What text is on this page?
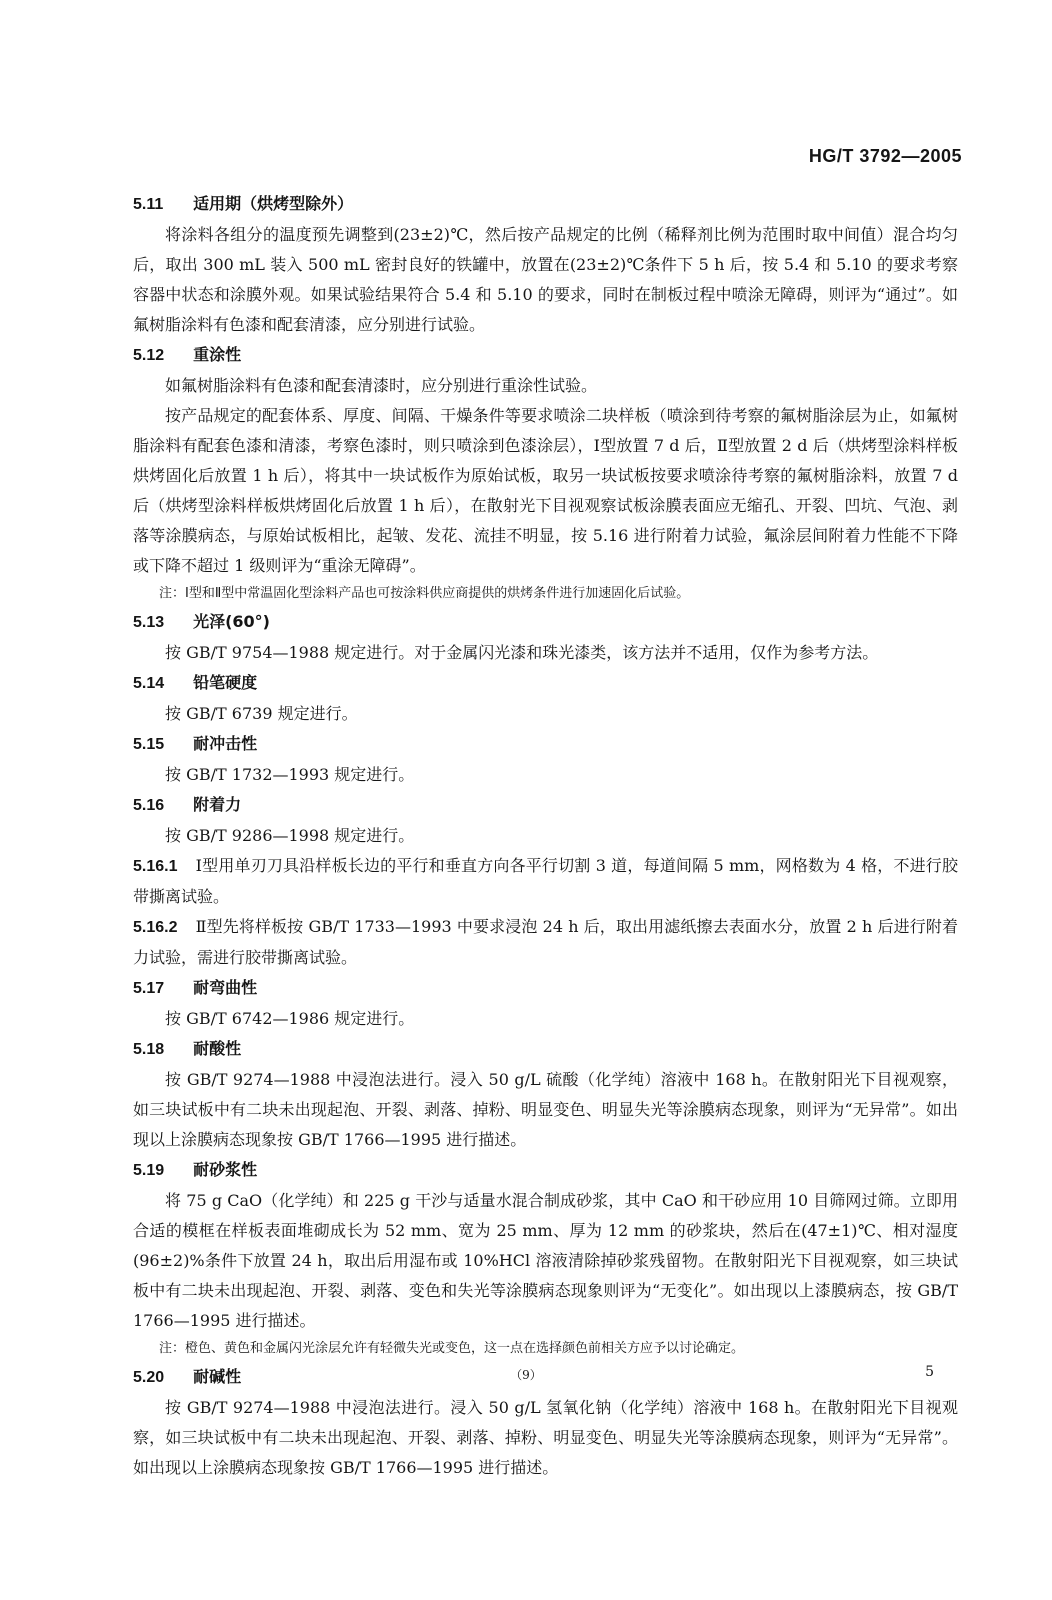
HG/T 3792—2005
5.11 适用期（烘烤型除外）

将涂料各组分的温度预先调整到(23±2)℃，然后按产品规定的比例（稀释剂比例为范围时取中间值）混合均匀后，取出 300 mL 装入 500 mL 密封良好的铁罐中，放置在(23±2)℃条件下 5 h 后，按 5.4 和 5.10 的要求考察容器中状态和涂膜外观。如果试验结果符合 5.4 和 5.10 的要求，同时在制板过程中喷涂无障碍，则评为“通过”。如氟树脂涂料有色漆和配套清漆，应分别进行试验。

5.12 重涂性

如氟树脂涂料有色漆和配套清漆时，应分别进行重涂性试验。

按产品规定的配套体系、厚度、间隔、干燥条件等要求喷涂二块样板（喷涂到待考察的氟树脂涂层为止，如氟树脂涂料有配套色漆和清漆，考察色漆时，则只喷涂到色漆涂层），Ⅰ型放置 7 d 后，Ⅱ型放置 2 d 后（烘烤型涂料样板烘烤固化后放置 1 h 后），将其中一块试板作为原始试板，取另一块试板按要求喷涂待考察的氟树脂涂料，放置 7 d 后（烘烤型涂料样板烘烤固化后放置 1 h 后），在散射光下目视观察试板涂膜表面应无缩孔、开裂、凹坑、气泡、剥落等涂膜病态，与原始试板相比，起皱、发花、流挂不明显，按 5.16 进行附着力试验，氟涂层间附着力性能不下降或下降不超过 1 级则评为“重涂无障碍”。

注：Ⅰ型和Ⅱ型中常温固化型涂料产品也可按涂料供应商提供的烘烤条件进行加速固化后试验。

5.13 光泽(60°)

按 GB/T 9754—1988 规定进行。对于金属闪光漆和珠光漆类，该方法并不适用，仅作为参考方法。

5.14 铅笔硬度

按 GB/T 6739 规定进行。

5.15 耐冲击性

按 GB/T 1732—1993 规定进行。

5.16 附着力

按 GB/T 9286—1998 规定进行。

5.16.1 Ⅰ型用单刃刀具沿样板长边的平行和垂直方向各平行切割 3 道，每道间隔 5 mm，网格数为 4 格，不进行胶带撕离试验。

5.16.2 Ⅱ型先将样板按 GB/T 1733—1993 中要求浸泡 24 h 后，取出用滤纸擦去表面水分，放置 2 h 后进行附着力试验，需进行胶带撕离试验。

5.17 耐弯曲性

按 GB/T 6742—1986 规定进行。

5.18 耐酸性

按 GB/T 9274—1988 中浸泡法进行。浸入 50 g/L 硫酸（化学纯）溶液中 168 h。在散射阳光下目视观察，如三块试板中有二块未出现起泡、开裂、剥落、掉粉、明显变色、明显失光等涂膜病态现象，则评为“无异常”。如出现以上涂膜病态现象按 GB/T 1766—1995 进行描述。

5.19 耐砂浆性

将 75 g CaO（化学纯）和 225 g 干沙与适量水混合制成砂浆，其中 CaO 和干砂应用 10 目筛网过筛。立即用合适的模框在样板表面堆砌成长为 52 mm、宽为 25 mm、厚为 12 mm 的砂浆块，然后在(47±1)℃、相对湿度(96±2)%条件下放置 24 h，取出后用湿布或 10%HCl 溶液清除掉砂浆残留物。在散射阳光下目视观察，如三块试板中有二块未出现起泡、开裂、剥落、变色和失光等涂膜病态现象则评为“无变化”。如出现以上漆膜病态，按 GB/T 1766—1995 进行描述。

注：橙色、黄色和金属闪光涂层允许有轻微失光或变色，这一点在选择颜色前相关方应予以讨论确定。

5.20 耐碱性

按 GB/T 9274—1988 中浸泡法进行。浸入 50 g/L 氢氧化钠（化学纯）溶液中 168 h。在散射阳光下目视观察，如三块试板中有二块未出现起泡、开裂、剥落、掉粉、明显变色、明显失光等涂膜病态现象，则评为“无异常”。如出现以上涂膜病态现象按 GB/T 1766—1995 进行描述。

（9）	5
